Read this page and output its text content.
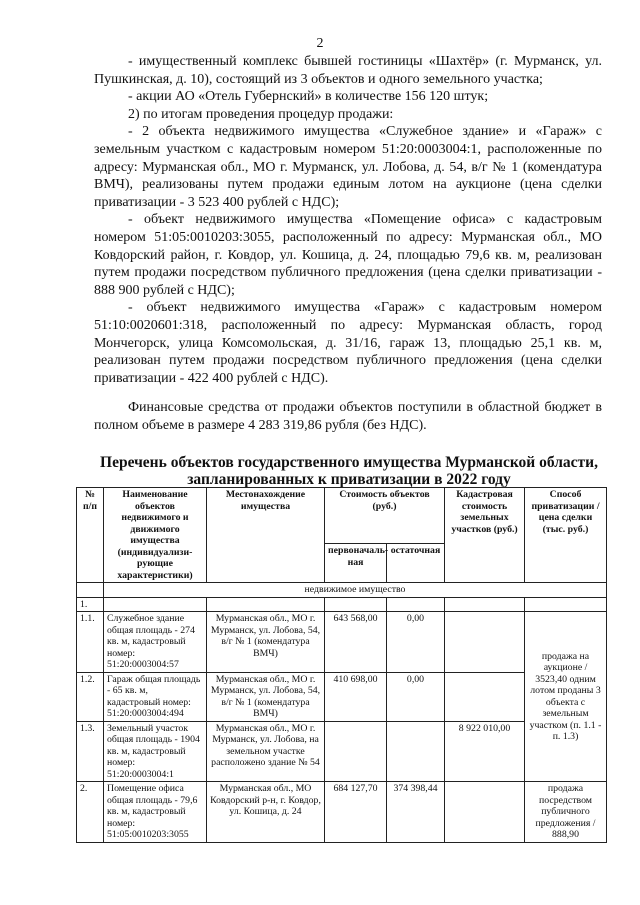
2

- имущественный комплекс бывшей гостиницы «Шахтёр» (г. Мурманск, ул. Пушкинская, д. 10), состоящий из 3 объектов и одного земельного участка;

- акции АО «Отель Губернский» в количестве 156 120 штук;

2) по итогам проведения процедур продажи:

- 2 объекта недвижимого имущества «Служебное здание» и «Гараж» с земельным участком с кадастровым номером 51:20:0003004:1, расположенные по адресу: Мурманская обл., МО г. Мурманск, ул. Лобова, д. 54, в/г № 1 (комендатура ВМЧ), реализованы путем продажи единым лотом на аукционе (цена сделки приватизации - 3 523 400 рублей с НДС);

- объект недвижимого имущества «Помещение офиса» с кадастровым номером 51:05:0010203:3055, расположенный по адресу: Мурманская обл., МО Ковдорский район, г. Ковдор, ул. Кошица, д. 24, площадью 79,6 кв. м, реализован путем продажи посредством публичного предложения (цена сделки приватизации - 888 900 рублей с НДС);

- объект недвижимого имущества «Гараж» с кадастровым номером 51:10:0020601:318, расположенный по адресу: Мурманская область, город Мончегорск, улица Комсомольская, д. 31/16, гараж 13, площадью 25,1 кв. м, реализован путем продажи посредством публичного предложения (цена сделки приватизации - 422 400 рублей с НДС).

Финансовые средства от продажи объектов поступили в областной бюджет в полном объеме в размере 4 283 319,86 рубля (без НДС).

Перечень объектов государственного имущества Мурманской области,
запланированных к приватизации в 2022 году
№ п/п	Наименование объектов недвижимого и движимого имущества (индивидуализи-рующие характеристики)	Местонахождение имущества	Стоимость объектов (руб.)		Кадастровая стоимость земельных участков (руб.)	Способ приватизации / цена сделки (тыс. руб.)
			первоначаль-ная	остаточная		
	недвижимое имущество					
1.						
1.1.	Служебное здание общая площадь - 274 кв. м, кадастровый номер: 51:20:0003004:57	Мурманская обл., МО г. Мурманск, ул. Лобова, 54, в/г № 1 (комендатура ВМЧ)	643 568,00	0,00		продажа на аукционе / 3523,40 одним лотом проданы 3 объекта с земельным участком (п. 1.1 - п. 1.3)
1.2.	Гараж общая площадь - 65 кв. м, кадастровый номер: 51:20:0003004:494	Мурманская обл., МО г. Мурманск, ул. Лобова, 54, в/г № 1 (комендатура ВМЧ)	410 698,00	0,00		
1.3.	Земельный участок общая площадь - 1904 кв. м, кадастровый номер: 51:20:0003004:1	Мурманская обл., МО г. Мурманск, ул. Лобова, на земельном участке расположено здание № 54			8 922 010,00	
2.	Помещение офиса общая площадь - 79,6 кв. м, кадастровый номер: 51:05:0010203:3055	Мурманская обл., МО Ковдорский р-н, г. Ковдор, ул. Кошица, д. 24	684 127,70	374 398,44		продажа посредством публичного предложения / 888,90
